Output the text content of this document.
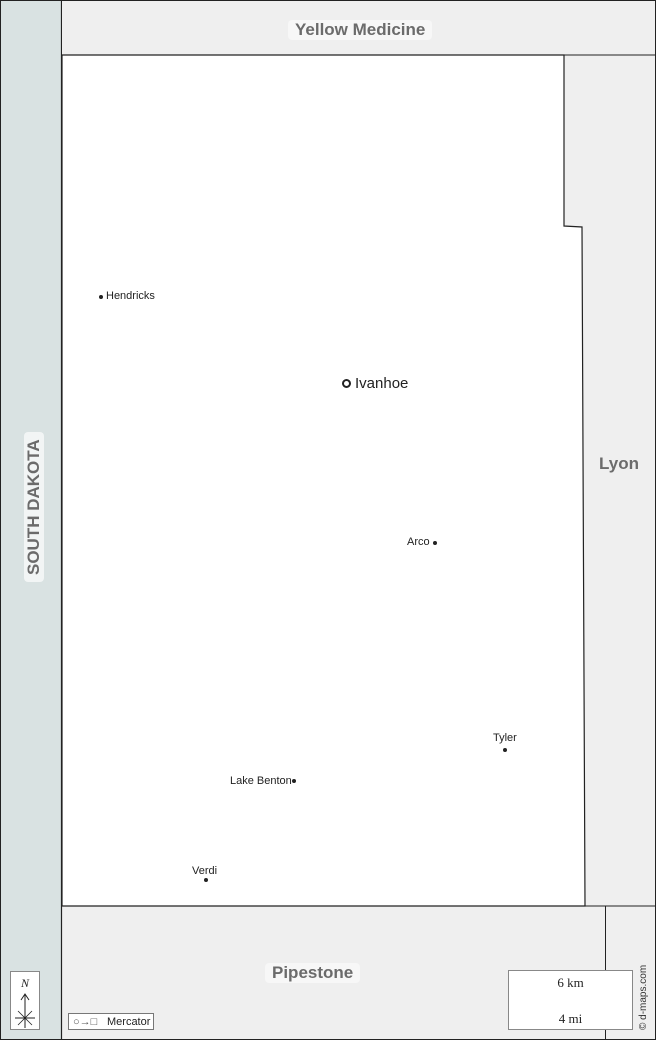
Yellow Medicine
Lyon
Pipestone
SOUTH DAKOTA
Ivanhoe
Hendricks
Arco
Tyler
Lake Benton
Verdi
N
○→□ Mercator
6 km
4 mi	© d-maps.com
